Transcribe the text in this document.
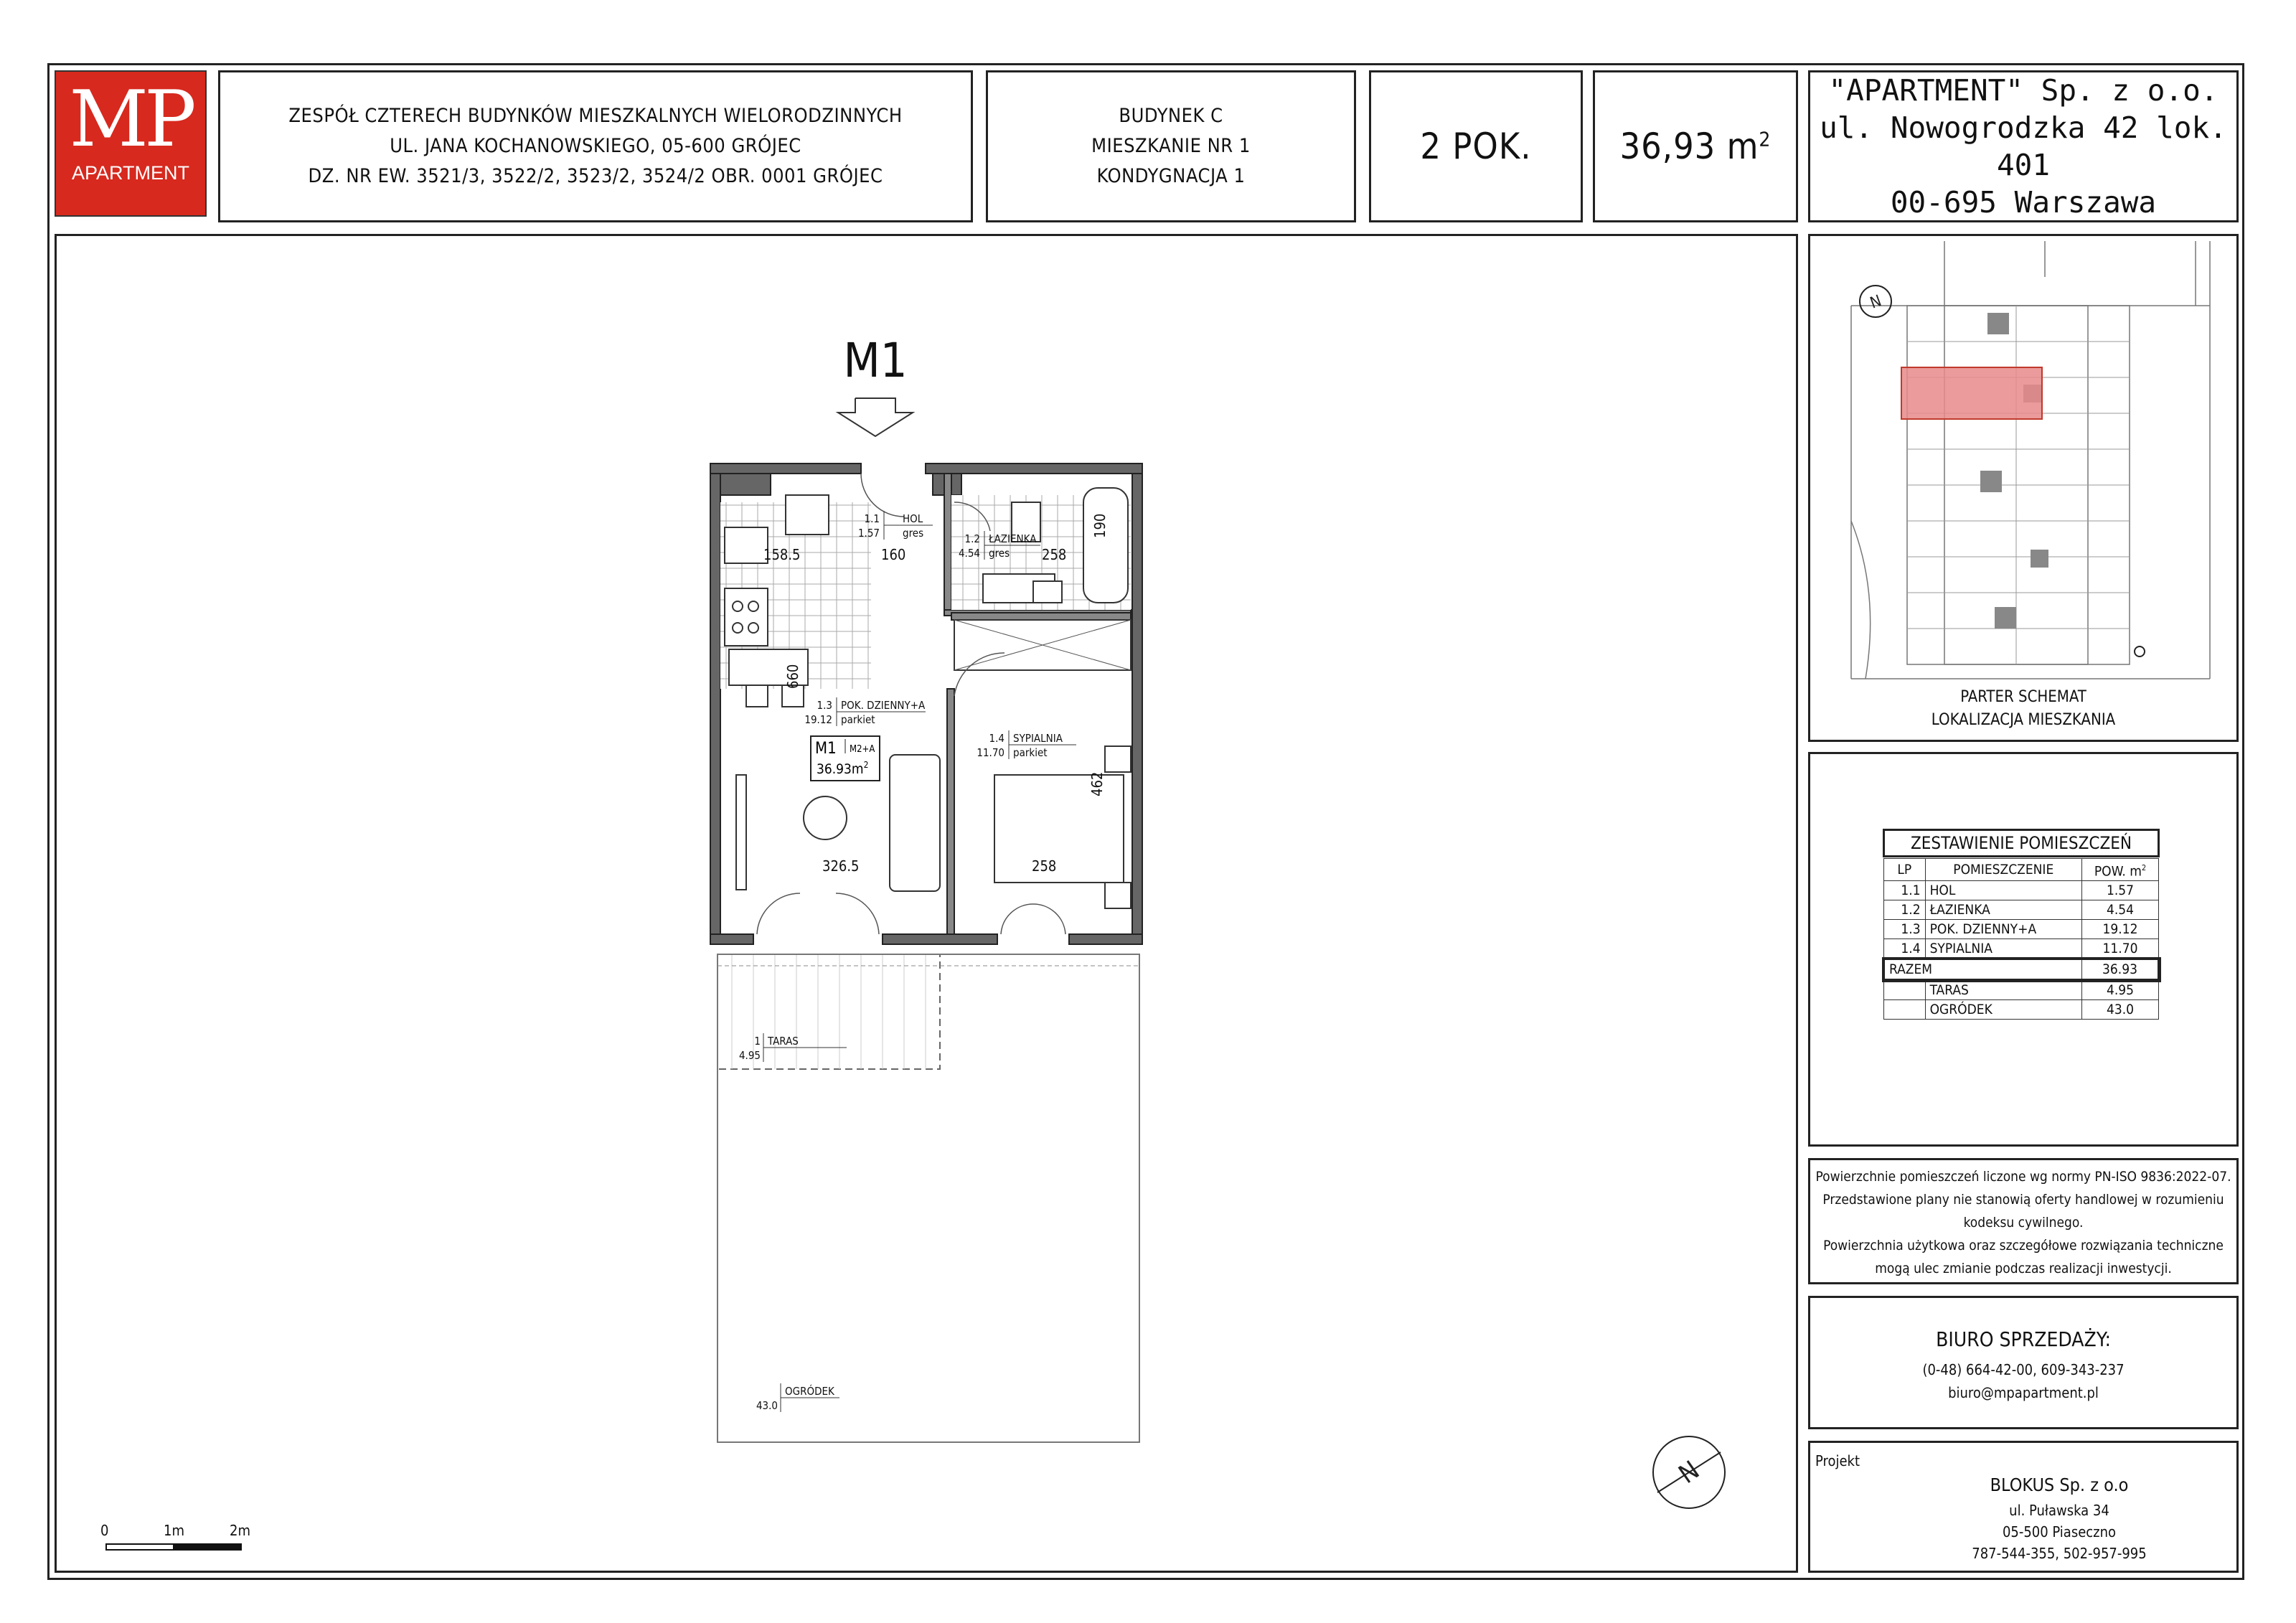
MP
APARTMENT
ZESPÓŁ CZTERECH BUDYNKÓW MIESZKALNYCH WIELORODZINNYCH
UL. JANA KOCHANOWSKIEGO, 05-600 GRÓJEC
DZ. NR EW. 3521/3, 3522/2, 3523/2, 3524/2 OBR. 0001 GRÓJEC
BUDYNEK C
MIESZKANIE NR 1
KONDYGNACJA 1
2 POK. 36,93 $m^2$
"APARTMENT" Sp. z o.o.
ul. Nowogrodzka 42 lok. 401
00-695 Warszawa
M1
1.1 HOL
1.57 gres	1.2 ŁAZIENKA
4.54 gres
1.3 POK. DZIENNY+A
19.12 parkiet
1.4 SYPIALNIA
11.70 parkiet
1 TARAS
4.95
OGRÓDEK
43.0
M1 M2+A
$36.93m^2$
158.5	160	258
190
660
462
326.5	258
N
0	1m	2m
N
PARTER SCHEMAT
LOKALIZACJA MIESZKANIA
ZESTAWIENIE POMIESZCZEŃ
LP	POMIESZCZENIE	POW. $m^2$
1.1	HOL	1.57
1.2	ŁAZIENKA	4.54
1.3	POK. DZIENNY+A	19.12
1.4	SYPIALNIA	11.70
RAZEM		36.93
	TARAS	4.95
	OGRÓDEK	43.0
Powierzchnie pomieszczeń liczone wg normy PN-ISO 9836:2022-07.
Przedstawione plany nie stanowią oferty handlowej w rozumieniu
kodeksu cywilnego.
Powierzchnia użytkowa oraz szczegółowe rozwiązania techniczne
mogą ulec zmianie podczas realizacji inwestycji.
BIURO SPRZEDAŻY:
(0-48) 664-42-00, 609-343-237
biuro@mpapartment.pl
Projekt
BLOKUS Sp. z o.o
ul. Puławska 34
05-500 Piaseczno
787-544-355, 502-957-995
